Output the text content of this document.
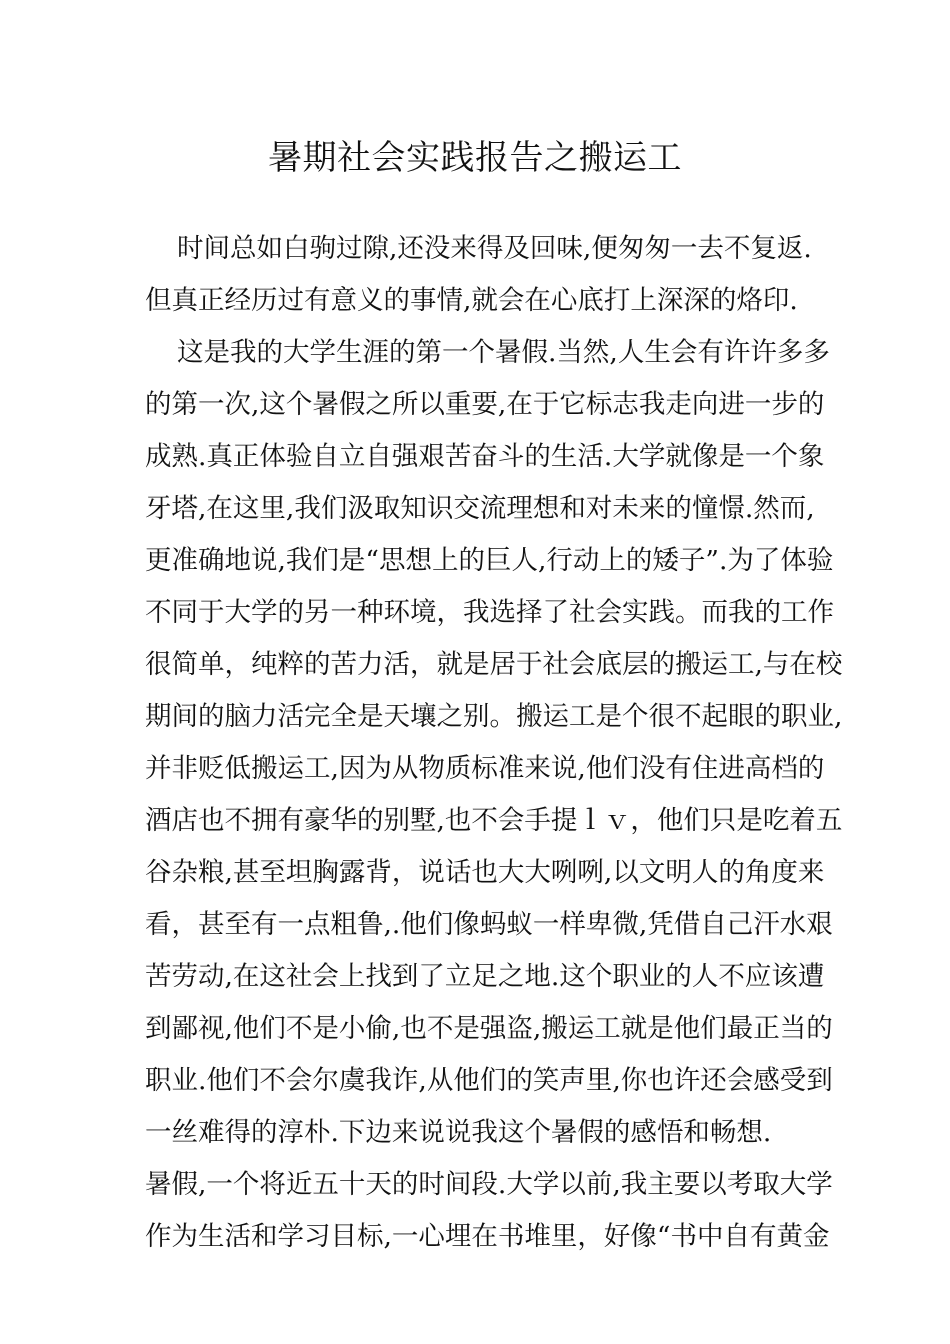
暑期社会实践报告之搬运工
时间总如白驹过隙,还没来得及回味,便匆匆一去不复返.
但真正经历过有意义的事情,就会在心底打上深深的烙印.
这是我的大学生涯的第一个暑假.当然,人生会有许许多多
的第一次,这个暑假之所以重要,在于它标志我走向进一步的
成熟.真正体验自立自强艰苦奋斗的生活.大学就像是一个象
牙塔,在这里,我们汲取知识交流理想和对未来的憧憬.然而,
更准确地说,我们是“思想上的巨人,行动上的矮子”.为了体验
不同于大学的另一种环境，我选择了社会实践。而我的工作
很简单，纯粹的苦力活，就是居于社会底层的搬运工,与在校
期间的脑力活完全是天壤之别。搬运工是个很不起眼的职业,
并非贬低搬运工,因为从物质标准来说,他们没有住进高档的
酒店也不拥有豪华的别墅,也不会手提ｌｖ，他们只是吃着五
谷杂粮,甚至坦胸露背，说话也大大咧咧,以文明人的角度来
看，甚至有一点粗鲁,.他们像蚂蚁一样卑微,凭借自己汗水艰
苦劳动,在这社会上找到了立足之地.这个职业的人不应该遭
到鄙视,他们不是小偷,也不是强盗,搬运工就是他们最正当的
职业.他们不会尔虞我诈,从他们的笑声里,你也许还会感受到
一丝难得的淳朴.下边来说说我这个暑假的感悟和畅想.
暑假,一个将近五十天的时间段.大学以前,我主要以考取大学
作为生活和学习目标,一心埋在书堆里，好像“书中自有黄金
